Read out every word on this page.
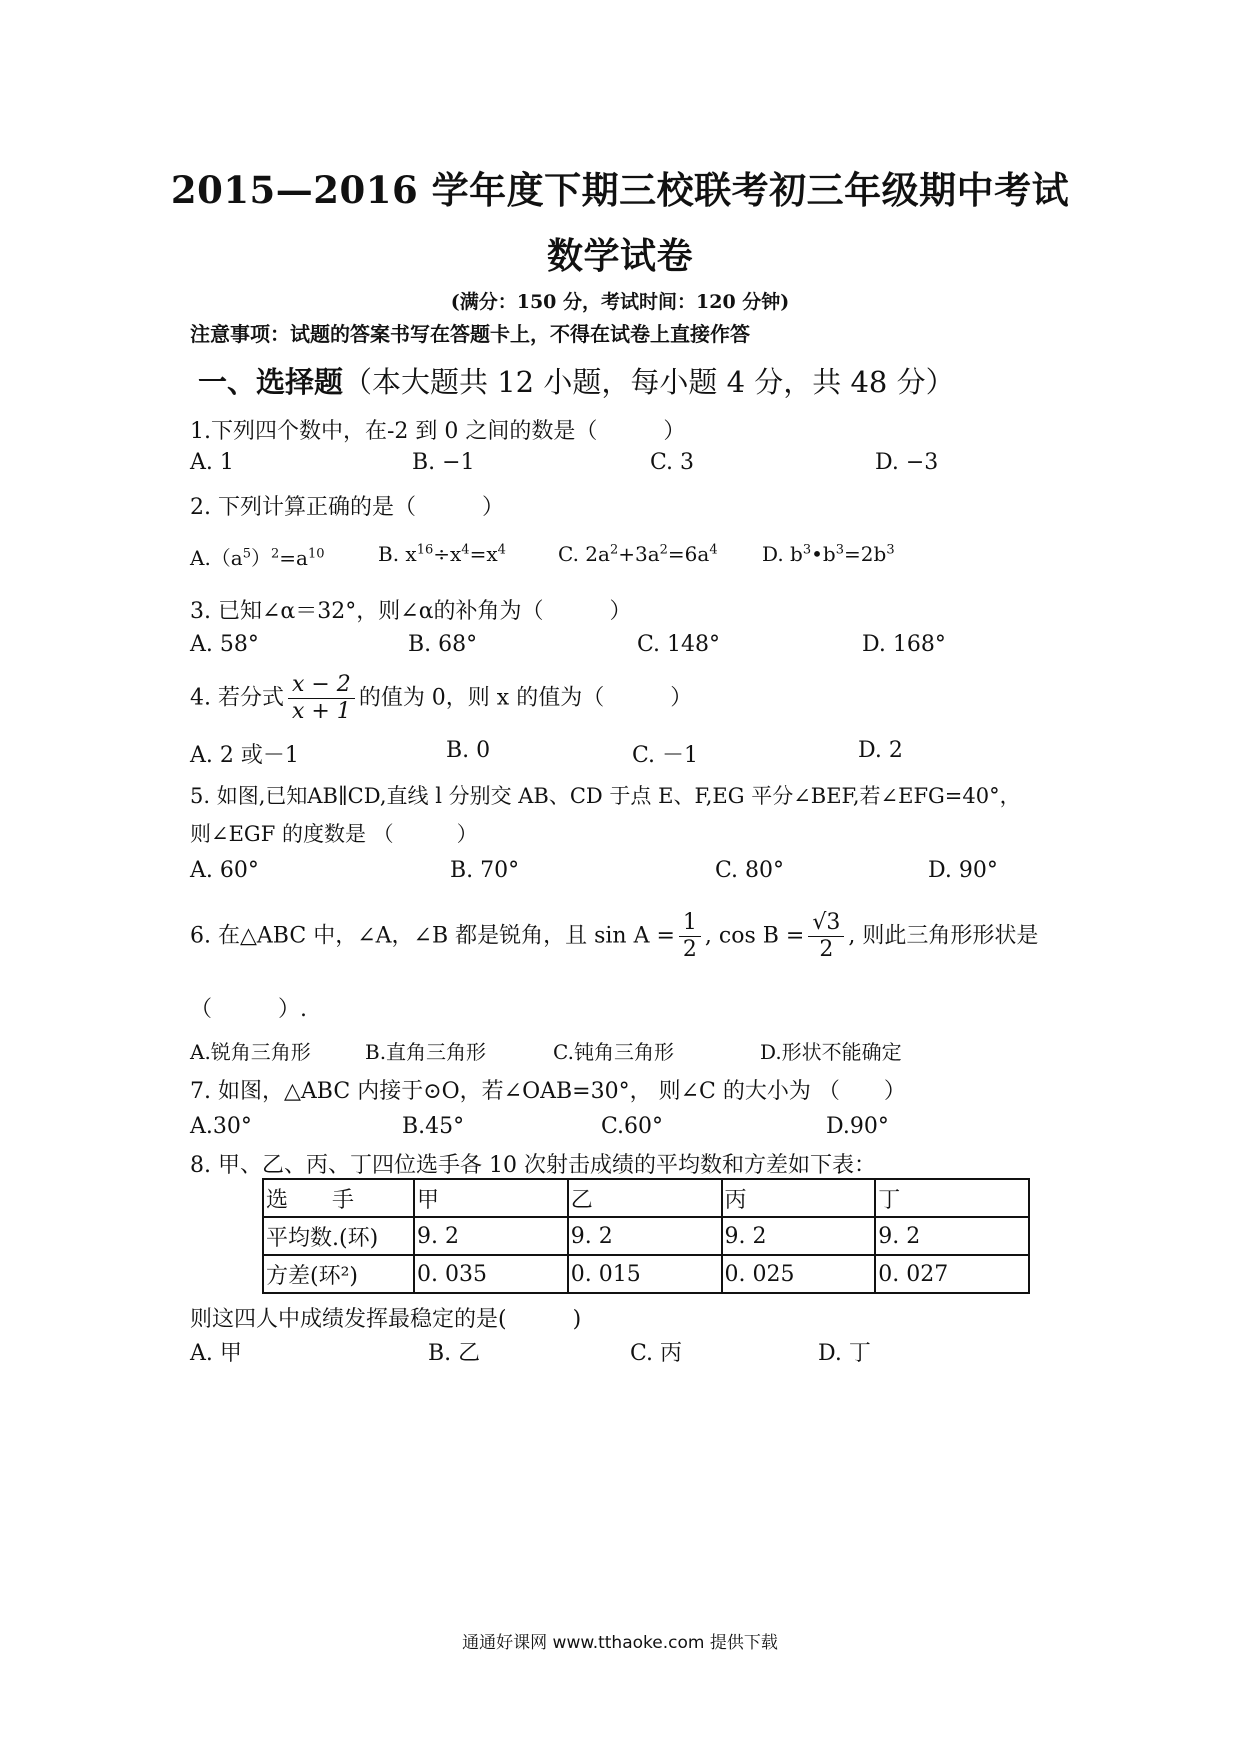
2015—2016 学年度下期三校联考初三年级期中考试
数学试卷
(满分：150 分，考试时间：120 分钟)
注意事项：试题的答案书写在答题卡上，不得在试卷上直接作答
一、选择题（本大题共 12 小题，每小题 4 分，共 48 分）
1.下列四个数中，在-2 到 0 之间的数是（　　　）
A. 1	B. −1	C. 3	D. −3
2. 下列计算正确的是（　　　）
$A.(a^5)^2=a^{10}$	B. $x^{16}\div x^4=x^4$	C. $2a^2+3a^2=6a^4$ D. $b^3•b^3=2b^3$
3. 已知∠α＝32°，则∠α的补角为（　　　）
A. 58°	B. 68°	C. 148°	D. 168°
4. 若分式 $\frac{x - 2}{x + 1}$ 的值为 0，则 x 的值为（　　　）
A. 2 或－1	B. 0	C. －1	D. 2
5. 如图,已知AB∥CD,直线 l 分别交 AB、CD 于点 E、F,EG 平分∠BEF,若∠EFG=40°，
则∠EGF 的度数是 （　　　）
A. 60°	B. 70°	C. 80°	D. 90°
6. 在△ABC 中，∠A，∠B 都是锐角，且 $\sin A = \frac{1}{2}$ , $\cos B = \frac{√3}{2}$ , 则此三角形形状是
（　　　）.
A.锐角三角形	B.直角三角形	C.钝角三角形	D.形状不能确定
7. 如图，△ABC 内接于⊙O，若∠OAB=30°， 则∠C 的大小为 （　　）
A.30°	B.45°	C.60°	D.90°
8. 甲、乙、丙、丁四位选手各 10 次射击成绩的平均数和方差如下表：
选　　手	甲	乙	丙	丁
平均数.(环)	9. 2	9. 2	9. 2	9. 2
方差(环²)	0. 035	0. 015	0. 025	0. 027
则这四人中成绩发挥最稳定的是(　　　)
A. 甲	B. 乙	C. 丙	D. 丁
通通好课网 www.tthaoke.com 提供下载
